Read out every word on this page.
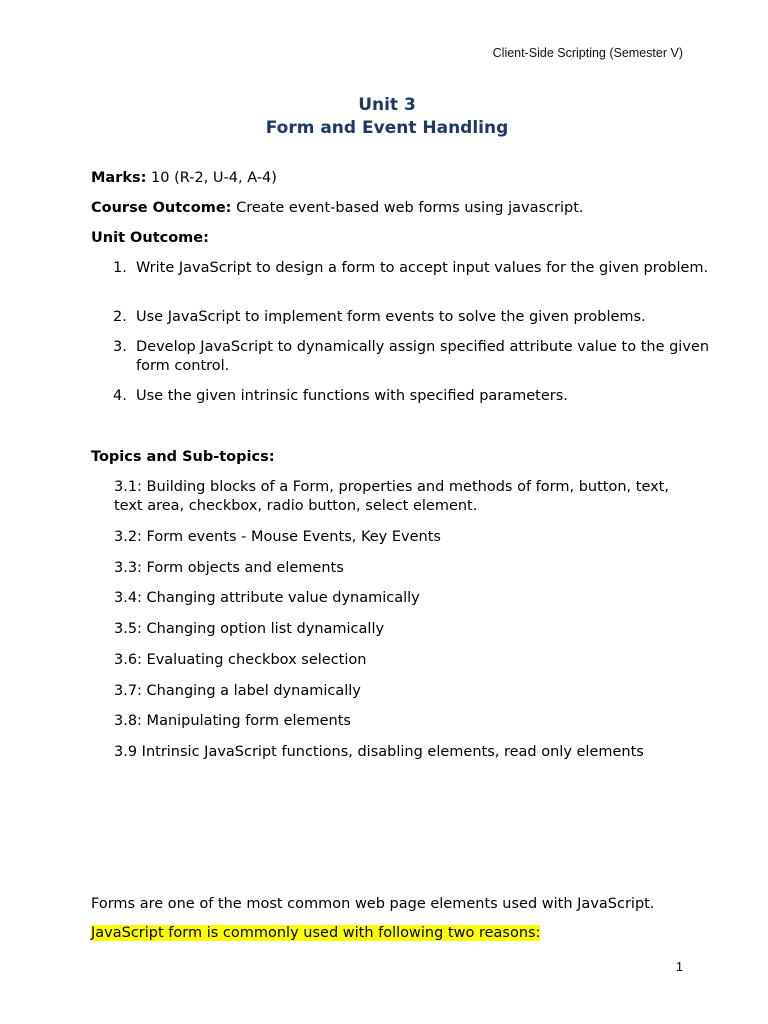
Client-Side Scripting (Semester V)
Unit 3
Form and Event Handling
Marks: 10 (R-2, U-4, A-4)
Course Outcome: Create event-based web forms using javascript.
Unit Outcome:
1. Write JavaScript to design a form to accept input values for the given problem.
2. Use JavaScript to implement form events to solve the given problems.
3. Develop JavaScript to dynamically assign specified attribute value to the given form control.
4. Use the given intrinsic functions with specified parameters.
Topics and Sub-topics:
3.1: Building blocks of a Form, properties and methods of form, button, text, text area, checkbox, radio button, select element.
3.2: Form events - Mouse Events, Key Events
3.3: Form objects and elements
3.4: Changing attribute value dynamically
3.5: Changing option list dynamically
3.6: Evaluating checkbox selection
3.7: Changing a label dynamically
3.8: Manipulating form elements
3.9 Intrinsic JavaScript functions, disabling elements, read only elements
Forms are one of the most common web page elements used with JavaScript.
JavaScript form is commonly used with following two reasons:
1
